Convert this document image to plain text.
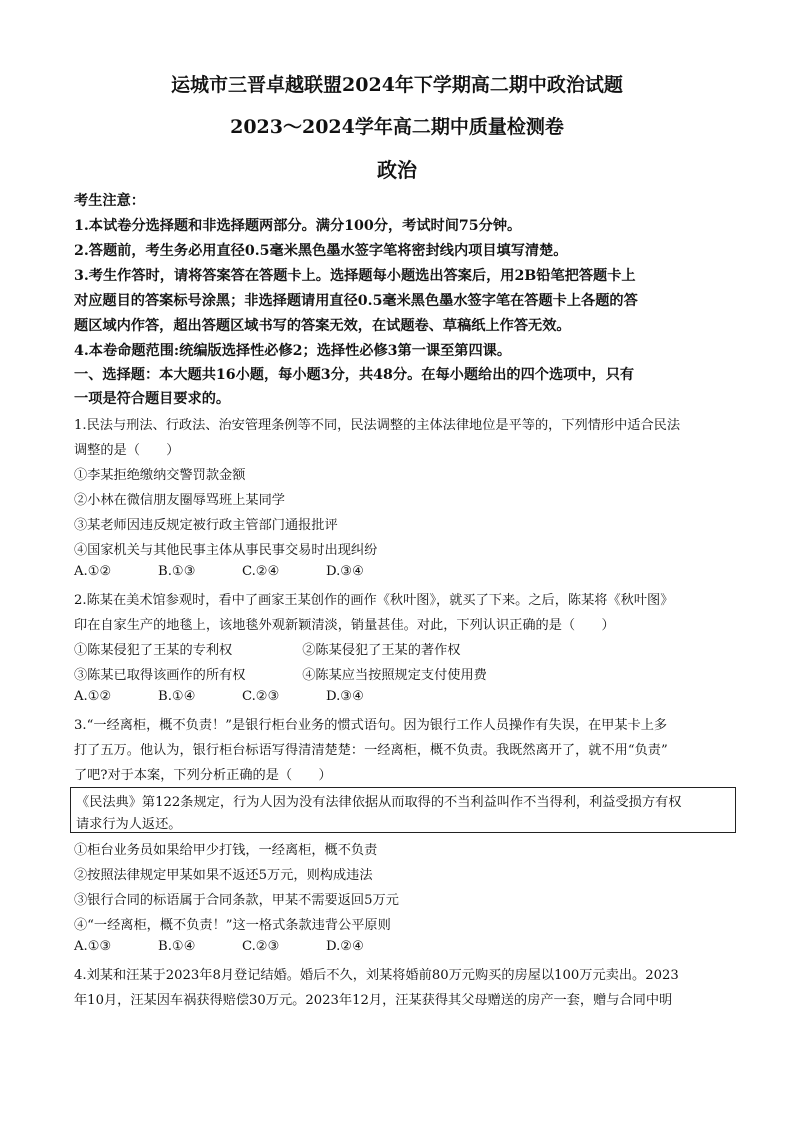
运城市三晋卓越联盟2024年下学期高二期中政治试题
2023～2024学年高二期中质量检测卷
政治
考生注意：
1.本试卷分选择题和非选择题两部分。满分100分，考试时间75分钟。
2.答题前，考生务必用直径0.5毫米黑色墨水签字笔将密封线内项目填写清楚。
3.考生作答时，请将答案答在答题卡上。选择题每小题选出答案后，用2B铅笔把答题卡上
对应题目的答案标号涂黑；非选择题请用直径0.5毫米黑色墨水签字笔在答题卡上各题的答
题区域内作答，超出答题区域书写的答案无效，在试题卷、草稿纸上作答无效。
4.本卷命题范围:统编版选择性必修2；选择性必修3第一课至第四课。
一、选择题：本大题共16小题，每小题3分，共48分。在每小题给出的四个选项中，只有
一项是符合题目要求的。
1.民法与刑法、行政法、治安管理条例等不同，民法调整的主体法律地位是平等的，下列情形中适合民法
调整的是（　　）
①李某拒绝缴纳交警罚款金额
②小林在微信朋友圈辱骂班上某同学
③某老师因违反规定被行政主管部门通报批评
④国家机关与其他民事主体从事民事交易时出现纠纷
A.①②	B.①③	C.②④	D.③④
2.陈某在美术馆参观时，看中了画家王某创作的画作《秋叶图》，就买了下来。之后，陈某将《秋叶图》
印在自家生产的地毯上，该地毯外观新颖清淡，销量甚佳。对此，下列认识正确的是（　　）
①陈某侵犯了王某的专利权	②陈某侵犯了王某的著作权
③陈某已取得该画作的所有权	④陈某应当按照规定支付使用费
A.①②	B.①④	C.②③	D.③④
3.“一经离柜，概不负责！”是银行柜台业务的惯式语句。因为银行工作人员操作有失误，在甲某卡上多
打了五万。他认为，银行柜台标语写得清清楚楚：一经离柜，概不负责。我既然离开了，就不用“负责”
了吧?对于本案，下列分析正确的是（　　）
《民法典》第122条规定，行为人因为没有法律依据从而取得的不当利益叫作不当得利，利益受损方有权
请求行为人返还。
①柜台业务员如果给甲少打钱，一经离柜，概不负责
②按照法律规定甲某如果不返还5万元，则构成违法
③银行合同的标语属于合同条款，甲某不需要返回5万元
④“一经离柜，概不负责！”这一格式条款违背公平原则
A.①③	B.①④	C.②③	D.②④
4.刘某和汪某于2023年8月登记结婚。婚后不久，刘某将婚前80万元购买的房屋以100万元卖出。2023
年10月，汪某因车祸获得赔偿30万元。2023年12月，汪某获得其父母赠送的房产一套，赠与合同中明
